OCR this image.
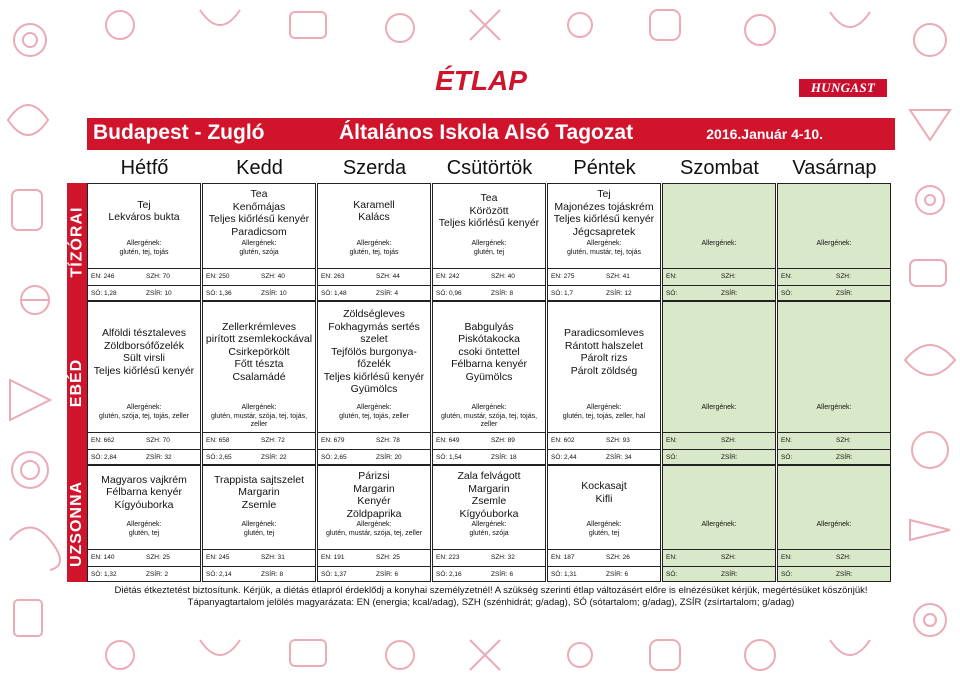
ÉTLAP	HUNGAST
Budapest - Zugló	Általános Iskola Alsó Tagozat	2016.Január 4-10.
Hétfő	Kedd	Szerda	Csütörtök	Péntek	Szombat	Vasárnap
TÍZÓRAI
Tej
Lekváros bukta
Allergének:
glutén, tej, tojás
EN: 246	SZH: 70
SÓ: 1,28	ZSÍR: 10
Tea
Kenőmájas
Teljes kiőrlésű kenyér
Paradicsom
Allergének:
glutén, szója
EN: 250	SZH: 40
SÓ: 1,36	ZSÍR: 10
Karamell
Kalács
Allergének:
glutén, tej, tojás
EN: 263	SZH: 44
SÓ: 1,48	ZSÍR: 4
Tea
Körözött
Teljes kiőrlésű kenyér
Allergének:
glutén, tej
EN: 242	SZH: 40
SÓ: 0,96	ZSÍR: 8
Tej
Majonézes tojáskrém
Teljes kiőrlésű kenyér
Jégcsapretek
Allergének:
glutén, mustár, tej, tojás
EN: 275	SZH: 41
SÓ: 1,7	ZSÍR: 12
Allergének:
EN:	SZH:
SÓ:	ZSÍR:
Allergének:
EN:	SZH:
SÓ:	ZSÍR:
EBÉD
Alföldi tésztaleves
Zöldborsófőzelék
Sült virsli
Teljes kiőrlésű kenyér
Allergének:
glutén, szója, tej, tojás, zeller
EN: 662	SZH: 70
SÓ: 2,84	ZSÍR: 32
Zellerkrémleves
pirított zsemlekockával
Csirkepörkölt
Főtt tészta
Csalamádé
Allergének:
glutén, mustár, szója, tej, tojás, zeller
EN: 658	SZH: 72
SÓ: 2,65	ZSÍR: 22
Zöldségleves
Fokhagymás sertés
szelet
Tejfölös burgonya-
főzelék
Teljes kiőrlésű kenyér
Gyümölcs
Allergének:
glutén, tej, tojás, zeller
EN: 679	SZH: 78
SÓ: 2,65	ZSÍR: 20
Babgulyás
Piskótakocka
csoki öntettel
Félbarna kenyér
Gyümölcs
Allergének:
glutén, mustár, szója, tej, tojás, zeller
EN: 649	SZH: 89
SÓ: 1,54	ZSÍR: 18
Paradicsomleves
Rántott halszelet
Párolt rizs
Párolt zöldség
Allergének:
glutén, tej, tojás, zeller, hal
EN: 602	SZH: 93
SÓ: 2,44	ZSÍR: 34
Allergének:
EN:	SZH:
SÓ:	ZSÍR:
Allergének:
EN:	SZH:
SÓ:	ZSÍR:
UZSONNA
Magyaros vajkrém
Félbarna kenyér
Kígyóuborka
Allergének:
glutén, tej
EN: 140	SZH: 25
SÓ: 1,32	ZSÍR: 2
Trappista sajtszelet
Margarin
Zsemle
Allergének:
glutén, tej
EN: 245	SZH: 31
SÓ: 2,14	ZSÍR: 8
Párizsi
Margarin
Kenyér
Zöldpaprika
Allergének:
glutén, mustár, szója, tej, zeller
EN: 191	SZH: 25
SÓ: 1,37	ZSÍR: 6
Zala felvágott
Margarin
Zsemle
Kígyóuborka
Allergének:
glutén, szója
EN: 223	SZH: 32
SÓ: 2,16	ZSÍR: 6
Kockasajt
Kifli
Allergének:
glutén, tej
EN: 187	SZH: 26
SÓ: 1,31	ZSÍR: 6
Allergének:
EN:	SZH:
SÓ:	ZSÍR:
Allergének:
EN:	SZH:
SÓ:	ZSÍR:
Diétás étkeztetést biztosítunk. Kérjük, a diétás étlapról érdeklődj a konyhai személyzetnél! A szükség szerinti étlap változásért előre is elnézésüket kérjük, megértésüket köszönjük!
Tápanyagtartalom jelölés magyarázata: EN (energia; kcal/adag), SZH (szénhidrát; g/adag), SÓ (sótartalom; g/adag), ZSÍR (zsírtartalom; g/adag)
